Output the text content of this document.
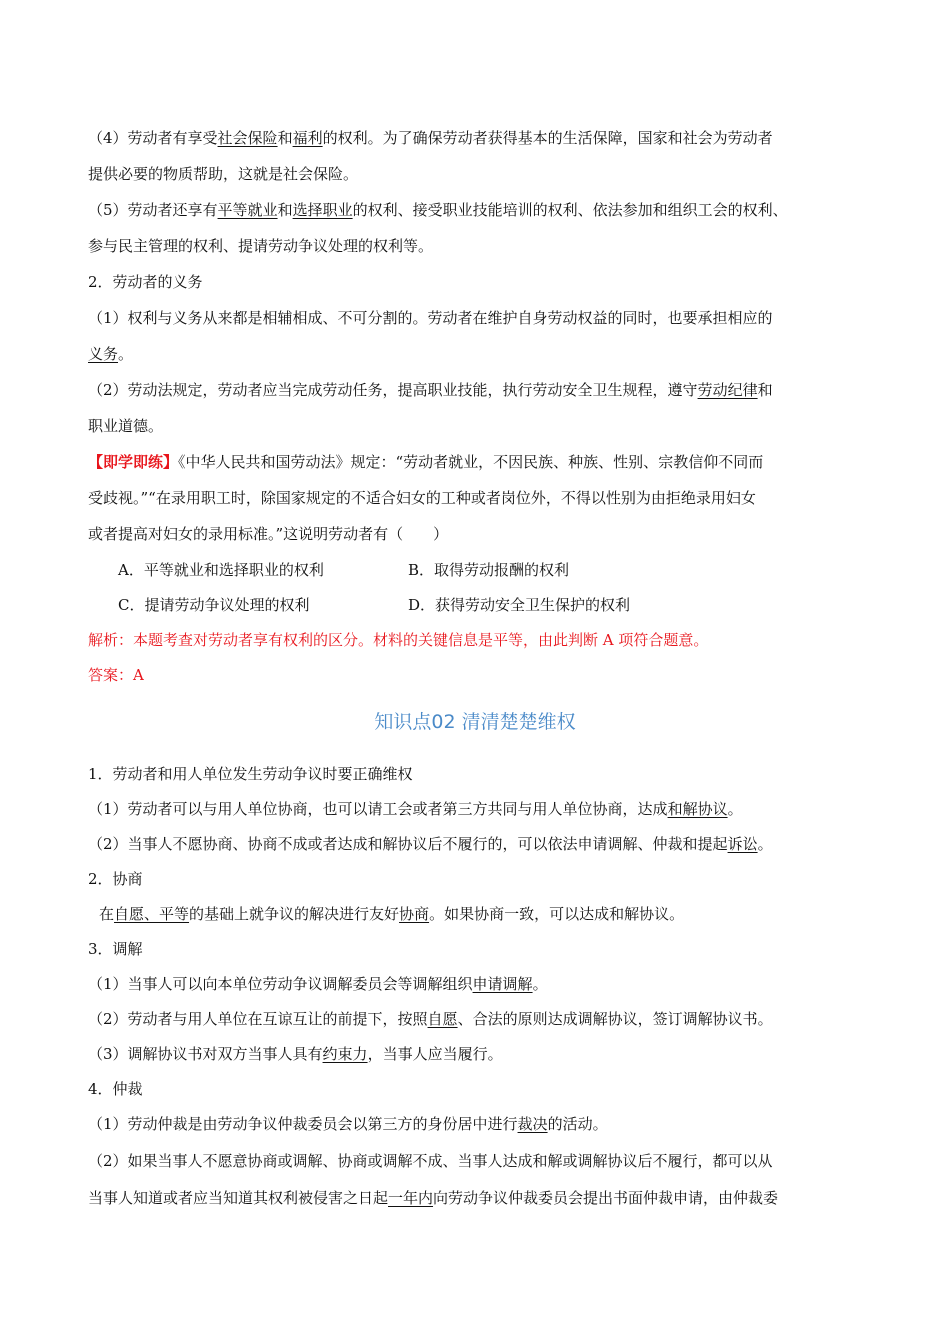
（4）劳动者有享受社会保险和福利的权利。为了确保劳动者获得基本的生活保障，国家和社会为劳动者
提供必要的物质帮助，这就是社会保险。
（5）劳动者还享有平等就业和选择职业的权利、接受职业技能培训的权利、依法参加和组织工会的权利、
参与民主管理的权利、提请劳动争议处理的权利等。
2．劳动者的义务
（1）权利与义务从来都是相辅相成、不可分割的。劳动者在维护自身劳动权益的同时，也要承担相应的
义务。
（2）劳动法规定，劳动者应当完成劳动任务，提高职业技能，执行劳动安全卫生规程，遵守劳动纪律和
职业道德。
【即学即练】《中华人民共和国劳动法》规定：“劳动者就业，不因民族、种族、性别、宗教信仰不同而
受歧视。”“在录用职工时，除国家规定的不适合妇女的工种或者岗位外，不得以性别为由拒绝录用妇女
或者提高对妇女的录用标准。”这说明劳动者有（　　）
A．平等就业和选择职业的权利	B．取得劳动报酬的权利
C．提请劳动争议处理的权利	D．获得劳动安全卫生保护的权利
解析：本题考查对劳动者享有权利的区分。材料的关键信息是平等，由此判断 A 项符合题意。
答案：A
知识点02 清清楚楚维权
1．劳动者和用人单位发生劳动争议时要正确维权
（1）劳动者可以与用人单位协商，也可以请工会或者第三方共同与用人单位协商，达成和解协议。
（2）当事人不愿协商、协商不成或者达成和解协议后不履行的，可以依法申请调解、仲裁和提起诉讼。
2．协商
在自愿、平等的基础上就争议的解决进行友好协商。如果协商一致，可以达成和解协议。
3．调解
（1）当事人可以向本单位劳动争议调解委员会等调解组织申请调解。
（2）劳动者与用人单位在互谅互让的前提下，按照自愿、合法的原则达成调解协议，签订调解协议书。
（3）调解协议书对双方当事人具有约束力，当事人应当履行。
4．仲裁
（1）劳动仲裁是由劳动争议仲裁委员会以第三方的身份居中进行裁决的活动。
（2）如果当事人不愿意协商或调解、协商或调解不成、当事人达成和解或调解协议后不履行，都可以从
当事人知道或者应当知道其权利被侵害之日起一年内向劳动争议仲裁委员会提出书面仲裁申请，由仲裁委
